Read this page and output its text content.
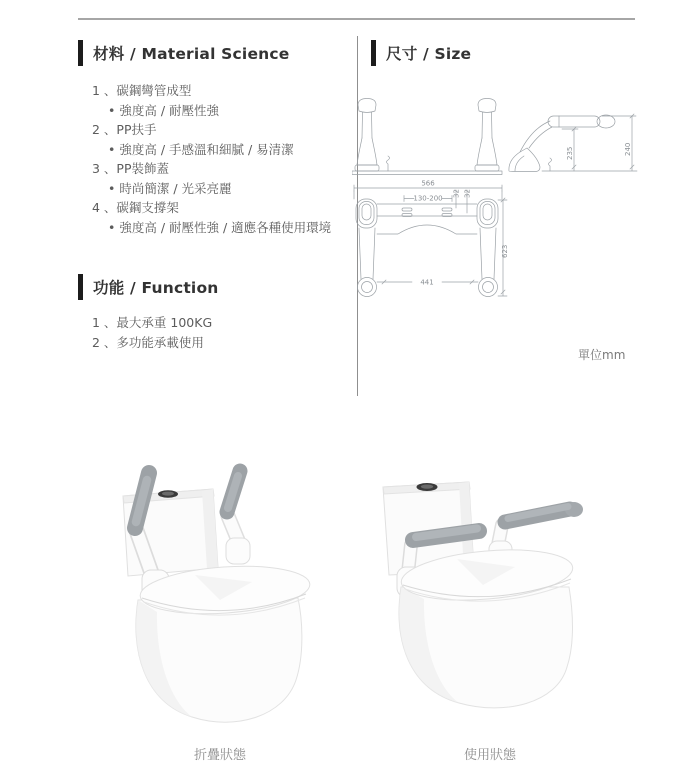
材料 / Material Science
1 、碳鋼彎管成型
• 強度高 / 耐壓性強
2 、PP扶手
• 強度高 / 手感溫和細膩 / 易清潔
3 、PP裝飾蓋
• 時尚簡潔 / 光采亮麗
4 、碳鋼支撐架
• 強度高 / 耐壓性強 / 適應各種使用環境
功能 / Function
1 、最大承重 100KG
2 、多功能承載使用
尺寸 / Size
566
130-200
32 32
441
623
235	240
單位mm
折疊狀態	使用狀態
